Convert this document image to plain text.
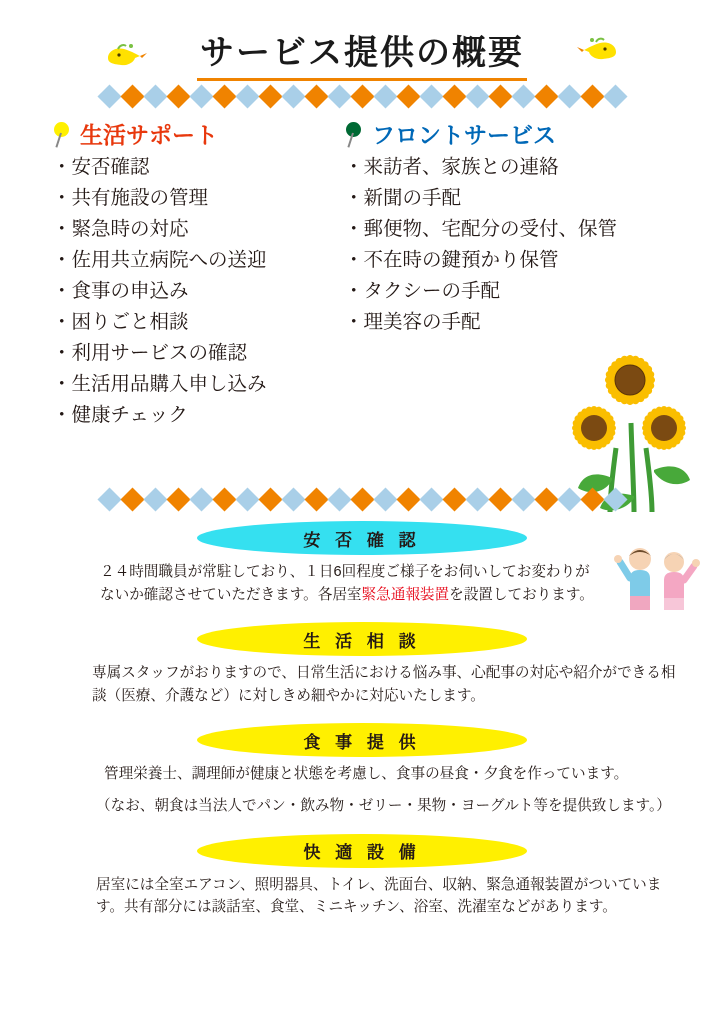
サービス提供の概要
生活サポート
・ 安否確認
・ 共有施設の管理
・ 緊急時の対応
・ 佐用共立病院への送迎
・ 食事の申込み
・ 困りごと相談
・ 利用サービスの確認
・ 生活用品購入申し込み
・ 健康チェック
フロントサービス
・ 来訪者、家族との連絡
・ 新聞の手配
・ 郵便物、宅配分の受付、保管
・ 不在時の鍵預かり保管
・ タクシーの手配
・ 理美容の手配
安 否 確 認
２４時間職員が常駐しており、１日6回程度ご様子をお伺いしてお変わりが
ないか確認させていただきます。各居室緊急通報装置を設置しております。
生 活 相 談
専属スタッフがおりますので、日常生活における悩み事、心配事の対応や紹介ができる相
談（医療、介護など）に対しきめ細やかに対応いたします。
食 事 提 供
管理栄養士、調理師が健康と状態を考慮し、食事の昼食・夕食を作っています。
（なお、朝食は当法人でパン・飲み物・ゼリー・果物・ヨーグルト等を提供致します。）
快 適 設 備
居室には全室エアコン、照明器具、トイレ、洗面台、収納、緊急通報装置がついていま
す。共有部分には談話室、食堂、ミニキッチン、浴室、洗濯室などがあります。
